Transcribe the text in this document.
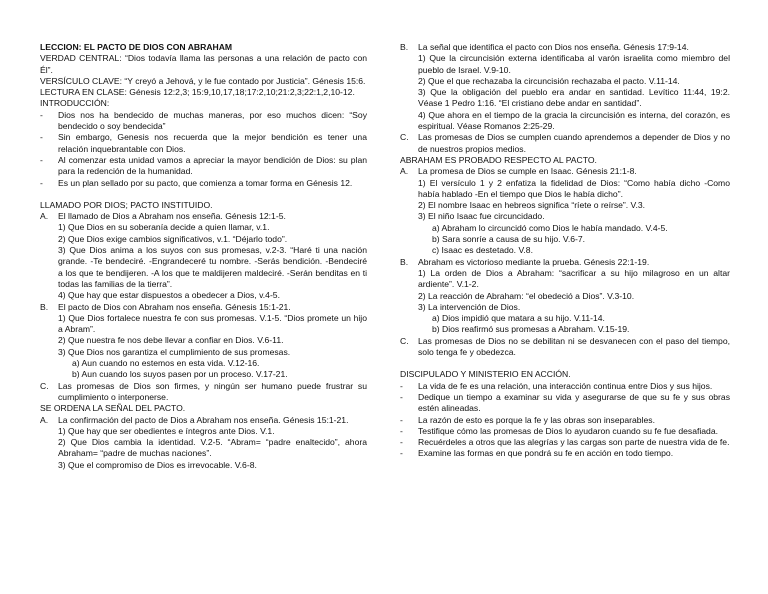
LECCION: EL PACTO DE DIOS CON ABRAHAM

VERDAD CENTRAL: “Dios todavía llama las personas a una relación de pacto con Él”.

VERSÍCULO CLAVE: “Y creyó a Jehová, y le fue contado por Justicia”. Génesis 15:6.

LECTURA EN CLASE: Génesis 12:2,3; 15:9,10,17,18;17:2,10;21:2,3;22:1,2,10-12.

INTRODUCCIÓN:

- Dios nos ha bendecido de muchas maneras, por eso muchos dicen: “Soy bendecido o soy bendecida”
- Sin embargo, Genesis nos recuerda que la mejor bendición es tener una relación inquebrantable con Dios.
- Al comenzar esta unidad vamos a apreciar la mayor bendición de Dios: su plan para la redención de la humanidad.
- Es un plan sellado por su pacto, que comienza a tomar forma en Génesis 12.

LLAMADO POR DIOS; PACTO INSTITUIDO.

A. El llamado de Dios a Abraham nos enseña. Génesis 12:1-5.
1) Que Dios en su soberanía decide a quien llamar, v.1.
2) Que Dios exige cambios significativos, v.1. “Déjarlo todo”.
3) Que Dios anima a los suyos con sus promesas, v.2-3. “Haré ti una nación grande. -Te bendeciré. -Engrandeceré tu nombre. -Serás bendición. -Bendeciré a los que te bendijeren. -A los que te maldijeren maldeciré. -Serán benditas en ti todas las familias de la tierra”.
4) Que hay que estar dispuestos a obedecer a Dios, v.4-5.
B. El pacto de Dios con Abraham nos enseña. Génesis 15:1-21.
1) Que Dios fortalece nuestra fe con sus promesas. V.1-5. “Dios promete un hijo a Abram”.
2) Que nuestra fe nos debe llevar a confiar en Dios. V.6-11.
3) Que Dios nos garantiza el cumplimiento de sus promesas.
a) Aun cuando no estemos en esta vida. V.12-16.
b) Aun cuando los suyos pasen por un proceso. V.17-21.
C. Las promesas de Dios son firmes, y ningún ser humano puede frustrar su cumplimiento o interponerse.

SE ORDENA LA SEÑAL DEL PACTO.

A. La confirmación del pacto de Dios a Abraham nos enseña. Génesis 15:1-21.
1) Que hay que ser obedientes e íntegros ante Dios. V.1.
2) Que Dios cambia la identidad. V.2-5. “Abram= “padre enaltecido”, ahora Abraham= “padre de muchas naciones”.
3) Que el compromiso de Dios es irrevocable. V.6-8.
B. La señal que identifica el pacto con Dios nos enseña. Génesis 17:9-14.
1) Que la circuncisión externa identificaba al varón israelita como miembro del pueblo de Israel. V.9-10.
2) Que el que rechazaba la circuncisión rechazaba el pacto. V.11-14.
3) Que la obligación del pueblo era andar en santidad. Levítico 11:44, 19:2. Véase 1 Pedro 1:16. “El cristiano debe andar en santidad”.
4) Que ahora en el tiempo de la gracia la circuncisión es interna, del corazón, es espiritual. Véase Romanos 2:25-29.
C. Las promesas de Dios se cumplen cuando aprendemos a depender de Dios y no de nuestros propios medios.

ABRAHAM ES PROBADO RESPECTO AL PACTO.

A. La promesa de Dios se cumple en Isaac. Génesis 21:1-8.
1) El versículo 1 y 2 enfatiza la fidelidad de Dios: “Como había dicho -Como había hablado -En el tiempo que Dios le había dicho”.
2) El nombre Isaac en hebreos significa “ríete o reírse”. V.3.
3) El niño Isaac fue circuncidado.
a) Abraham lo circuncidó como Dios le había mandado. V.4-5.
b) Sara sonríe a causa de su hijo. V.6-7.
c) Isaac es destetado. V.8.
B. Abraham es victorioso mediante la prueba. Génesis 22:1-19.
1) La orden de Dios a Abraham: “sacrificar a su hijo milagroso en un altar ardiente”. V.1-2.
2) La reacción de Abraham: “el obedeció a Dios”. V.3-10.
3) La intervención de Dios.
a) Dios impidió que matara a su hijo. V.11-14.
b) Dios reafirmó sus promesas a Abraham. V.15-19.
C. Las promesas de Dios no se debilitan ni se desvanecen con el paso del tiempo, solo tenga fe y obedezca.

DISCIPULADO Y MINISTERIO EN ACCIÓN.

- La vida de fe es una relación, una interacción continua entre Dios y sus hijos.
- Dedique un tiempo a examinar su vida y asegurarse de que su fe y sus obras estén alineadas.
- La razón de esto es porque la fe y las obras son inseparables.
- Testifique cómo las promesas de Dios lo ayudaron cuando su fe fue desafiada.
- Recuérdeles a otros que las alegrías y las cargas son parte de nuestra vida de fe.
- Examine las formas en que pondrá su fe en acción en todo tiempo.
